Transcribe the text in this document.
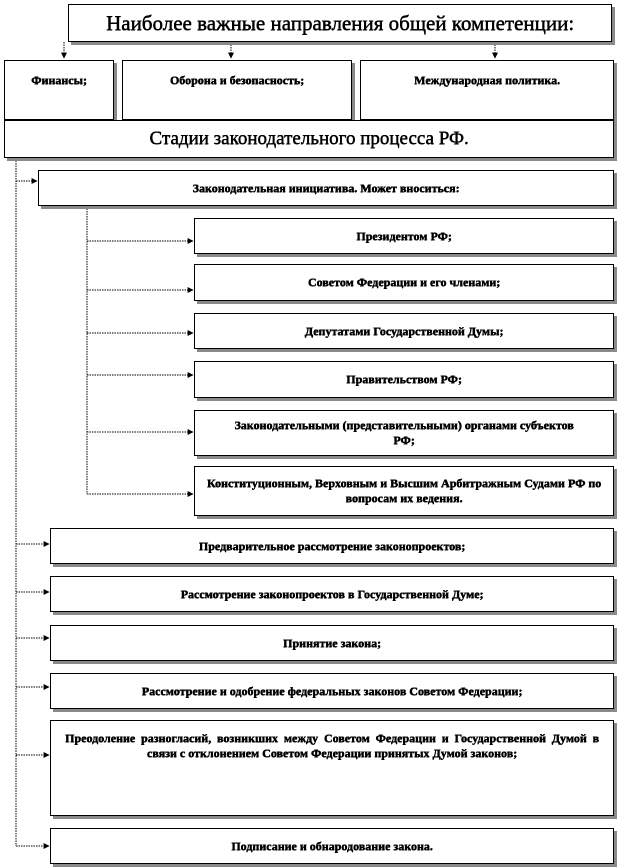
Наиболее важные направления общей компетенции:
Финансы;	Оборона и безопасность;	Международная политика.
Стадии законодательного процесса РФ.
Законодательная инициатива. Может вноситься:
Президентом РФ;
Советом Федерации и его членами;
Депутатами Государственной Думы;
Правительством РФ;
Законодательными (представительными) органами субъектов РФ;
Конституционным, Верховным и Высшим Арбитражным Судами РФ по вопросам их ведения.
Предварительное рассмотрение законопроектов;
Рассмотрение законопроектов в Государственной Думе;
Принятие закона;
Рассмотрение и одобрение федеральных законов Советом Федерации;
Преодоление разногласий, возникших между Советом Федерации и Государственной Думой в связи с отклонением Советом Федерации принятых Думой законов;
Подписание и обнародование закона.
